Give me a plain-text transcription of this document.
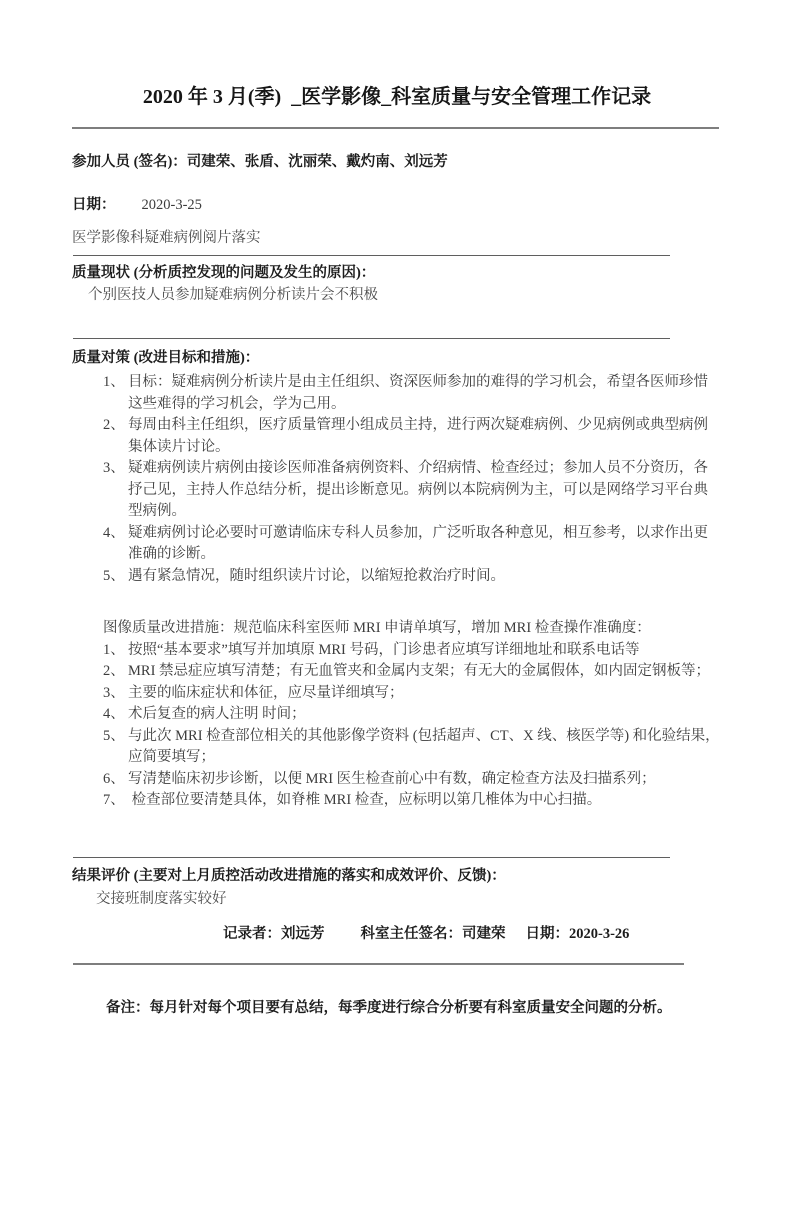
2020 年 3 月(季)  _医学影像_科室质量与安全管理工作记录

参加人员 (签名)：司建荣、张盾、沈丽荣、戴灼南、刘远芳

日期： 2020-3-25

医学影像科疑难病例阅片落实

质量现状 (分析质控发现的问题及发生的原因)：

个别医技人员参加疑难病例分析读片会不积极

质量对策 (改进目标和措施)：
1、 目标：疑难病例分析读片是由主任组织、资深医师参加的难得的学习机会，希望各医师珍惜这些难得的学习机会，学为己用。
2、 每周由科主任组织，医疗质量管理小组成员主持，进行两次疑难病例、少见病例或典型病例集体读片讨论。
3、 疑难病例读片病例由接诊医师准备病例资料、介绍病情、检查经过；参加人员不分资历，各抒己见，主持人作总结分析，提出诊断意见。病例以本院病例为主，可以是网络学习平台典型病例。
4、 疑难病例讨论必要时可邀请临床专科人员参加，广泛听取各种意见，相互参考，以求作出更准确的诊断。
5、 遇有紧急情况，随时组织读片讨论，以缩短抢救治疗时间。

图像质量改进措施：规范临床科室医师 MRI 申请单填写，增加 MRI 检查操作准确度：

1、 按照“基本要求”填写并加填原 MRI 号码，门诊患者应填写详细地址和联系电话等
2、 MRI 禁忌症应填写清楚；有无血管夹和金属内支架；有无大的金属假体，如内固定钢板等；
3、 主要的临床症状和体征，应尽量详细填写；
4、 术后复查的病人注明 时间；
5、 与此次 MRI 检查部位相关的其他影像学资料 (包括超声、CT、X 线、核医学等) 和化验结果，应简要填写；
6、 写清楚临床初步诊断，以便 MRI 医生检查前心中有数，确定检查方法及扫描系列；
7、 检查部位要清楚具体，如脊椎 MRI 检查，应标明以第几椎体为中心扫描。
结果评价 (主要对上月质控活动改进措施的落实和成效评价、反馈)：

交接班制度落实较好

记录者：刘远芳 科室主任签名：司建荣 日期：2020-3-26

备注：每月针对每个项目要有总结，每季度进行综合分析要有科室质量安全问题的分析。
